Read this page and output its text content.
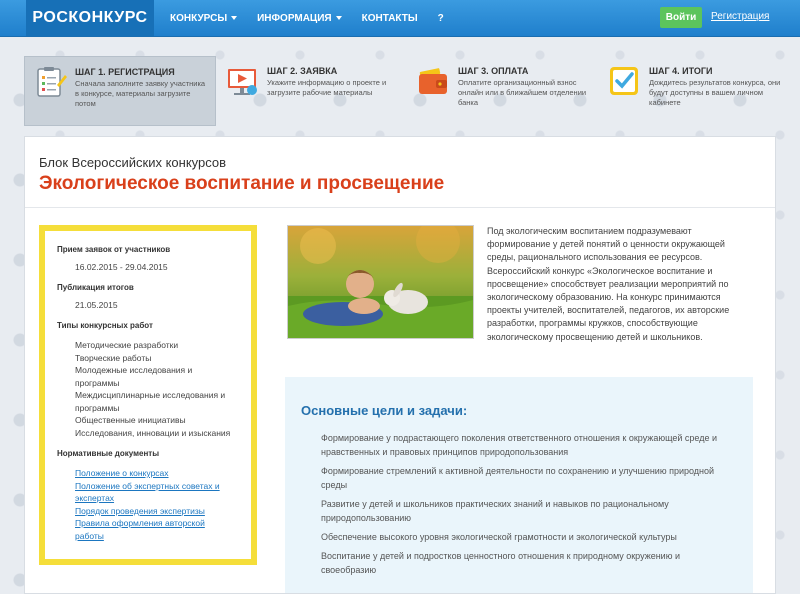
РОСКОНКУРС	КОНКУРСЫ	ИНФОРМАЦИЯ	КОНТАКТЫ ?	Войти	Регистрация
ШАГ 1. РЕГИСТРАЦИЯ
Сначала заполните заявку участника в конкурсе, материалы загрузите потом
ШАГ 2. ЗАЯВКА
Укажите информацию о проекте и загрузите рабочие материалы
ШАГ 3. ОПЛАТА
Оплатите организационный взнос онлайн или в ближайшем отделении банка
ШАГ 4. ИТОГИ
Дождитесь результатов конкурса, они будут доступны в вашем личном кабинете
Блок Всероссийских конкурсов
Экологическое воспитание и просвещение
Прием заявок от участников
16.02.2015 - 29.04.2015
Публикация итогов
21.05.2015
Типы конкурсных работ
Методические разработки
Творческие работы
Молодежные исследования и
программы
Междисциплинарные исследования и
программы
Общественные инициативы
Исследования, инновации и изыскания
Нормативные документы
Положение о конкурсах
Положение об экспертных советах и
экспертах
Порядок проведения экспертизы
Правила оформления авторской
работы
Под экологическим воспитанием подразумевают формирование у детей понятий о ценности окружающей среды, рационального использования ее ресурсов. Всероссийский конкурс «Экологическое воспитание и просвещение» способствует реализации мероприятий по экологическому образованию. На конкурс принимаются проекты учителей, воспитателей, педагогов, их авторские разработки, программы кружков, способствующие экологическому просвещению детей и школьников.
Основные цели и задачи:
Формирование у подрастающего поколения ответственного отношения к окружающей среде и нравственных и правовых принципов природопользования
Формирование стремлений к активной деятельности по сохранению и улучшению природной среды
Развитие у детей и школьников практических знаний и навыков по рациональному природопользованию
Обеспечение высокого уровня экологической грамотности и экологической культуры
Воспитание у детей и подростков ценностного отношения к природному окружению и своеобразию
